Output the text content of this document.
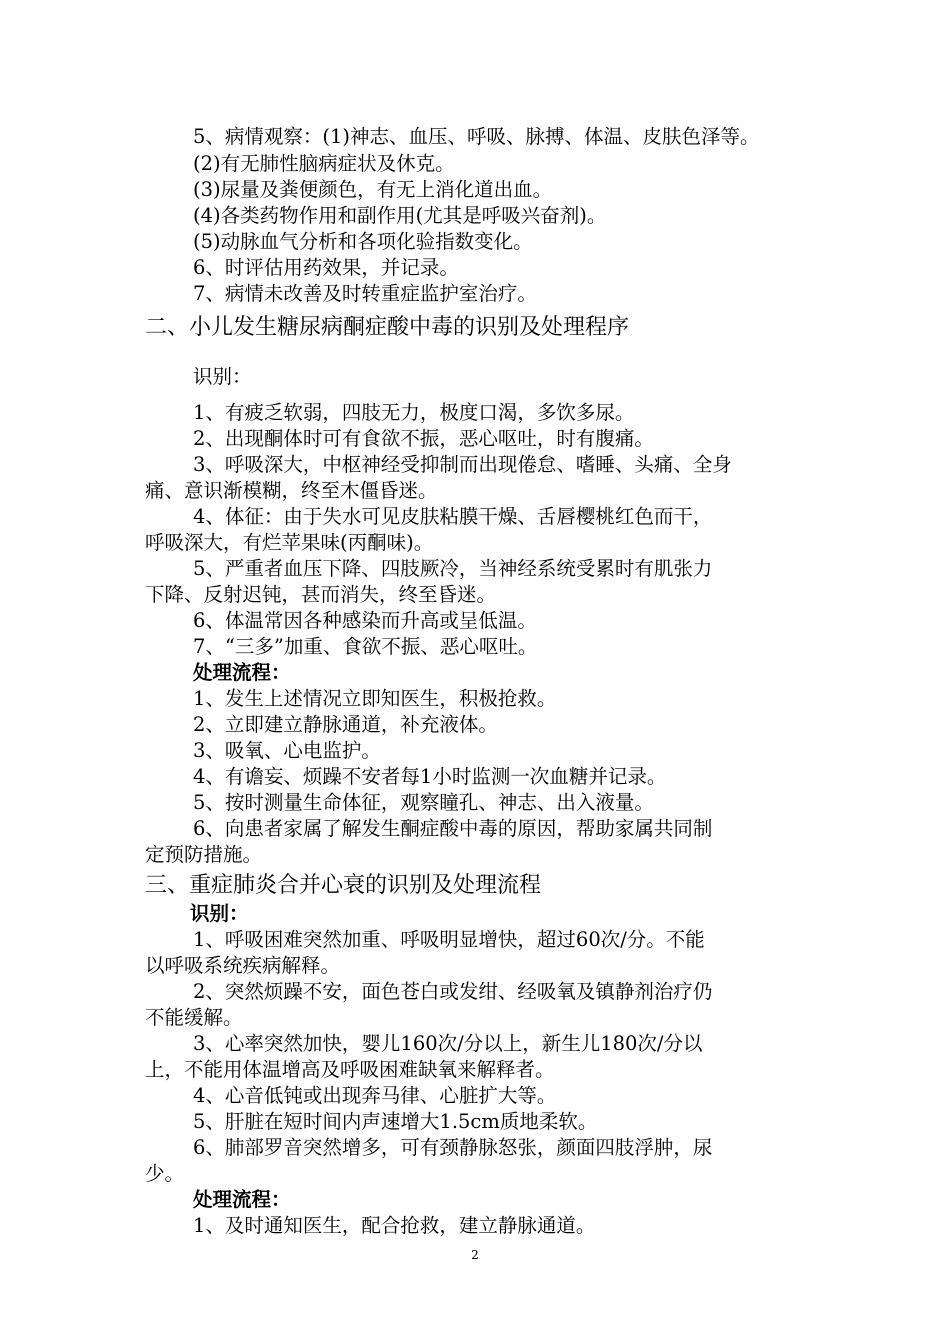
5、病情观察：(1)神志、血压、呼吸、脉搏、体温、皮肤色泽等。
(2)有无肺性脑病症状及休克。
(3)尿量及粪便颜色，有无上消化道出血。
(4)各类药物作用和副作用(尤其是呼吸兴奋剂)。
(5)动脉血气分析和各项化验指数变化。
6、时评估用药效果，并记录。
7、病情未改善及时转重症监护室治疗。
二、小儿发生糖尿病酮症酸中毒的识别及处理程序
识别：
1、有疲乏软弱，四肢无力，极度口渴，多饮多尿。
2、出现酮体时可有食欲不振，恶心呕吐，时有腹痛。
3、呼吸深大，中枢神经受抑制而出现倦怠、嗜睡、头痛、全身
痛、意识渐模糊，终至木僵昏迷。
4、体征：由于失水可见皮肤粘膜干燥、舌唇樱桃红色而干，
呼吸深大，有烂苹果味(丙酮味)。
5、严重者血压下降、四肢厥冷，当神经系统受累时有肌张力
下降、反射迟钝，甚而消失，终至昏迷。
6、体温常因各种感染而升高或呈低温。
7、“三多”加重、食欲不振、恶心呕吐。
处理流程：
1、发生上述情况立即知医生，积极抢救。
2、立即建立静脉通道，补充液体。
3、吸氧、心电监护。
4、有谵妄、烦躁不安者每1小时监测一次血糖并记录。
5、按时测量生命体征，观察瞳孔、神志、出入液量。
6、向患者家属了解发生酮症酸中毒的原因，帮助家属共同制
定预防措施。
三、重症肺炎合并心衰的识别及处理流程
识别：
1、呼吸困难突然加重、呼吸明显增快，超过60次/分。不能
以呼吸系统疾病解释。
2、突然烦躁不安，面色苍白或发绀、经吸氧及镇静剂治疗仍
不能缓解。
3、心率突然加快，婴儿160次/分以上，新生儿180次/分以
上，不能用体温增高及呼吸困难缺氧来解释者。
4、心音低钝或出现奔马律、心脏扩大等。
5、肝脏在短时间内声速增大1.5cm质地柔软。
6、肺部罗音突然增多，可有颈静脉怒张，颜面四肢浮肿，尿
少。
处理流程：
1、及时通知医生，配合抢救，建立静脉通道。
2
